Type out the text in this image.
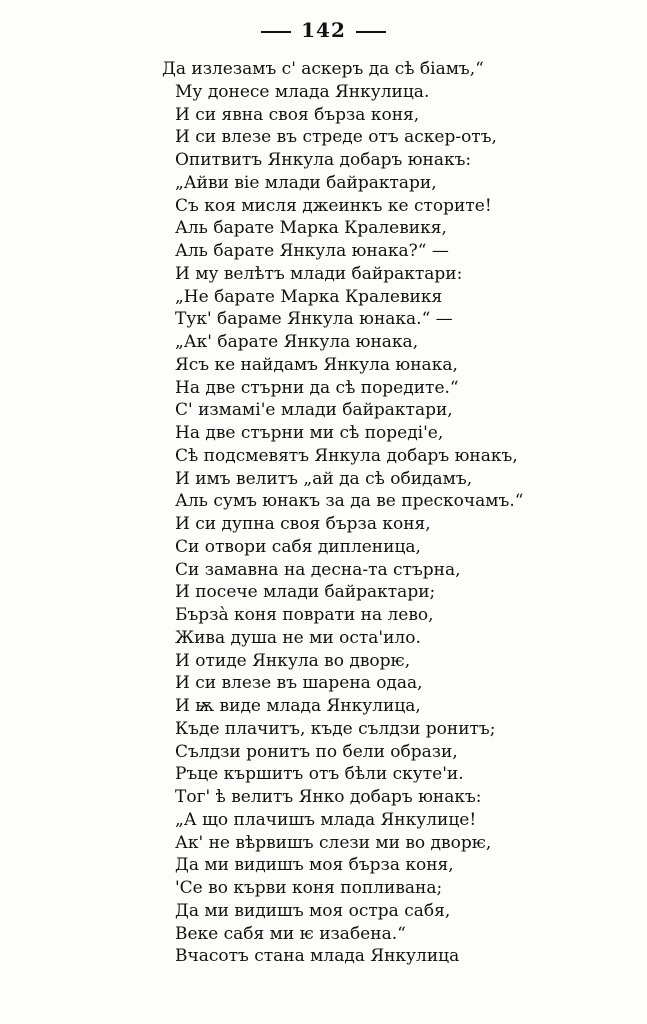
142
Да излезамъ с' аскеръ да сѣ біамъ,“
Му донесе млада Янкулица.
И си явна своя бързa коня,
И си влезе въ стреде отъ аскер-отъ,
Опитвитъ Янкула добаръ юнакъ:
„Айви віе млади байрактари,
Съ коя мисля джеинкъ ке сторите!
Аль барате Марка Кралевикя,
Аль барате Янкула юнака?“ —
И му велѣтъ млади байрактари:
„Не барате Марка Кралевикя
Тук' бараме Янкула юнака.“ —
„Ак' барате Янкула юнака,
Ясъ ке найдамъ Янкула юнака,
На две стърни да сѣ поредите.“
С' измамі'е млади байрактари,
На две стърни ми сѣ пореді'е,
Сѣ подсмевятъ Янкула добаръ юнакъ,
И имъ велитъ „ай да сѣ обидамъ,
Аль сумъ юнакъ за да ве прескочамъ.“
И си дупна своя бързa коня,
Си отвори сабя дипленица,
Си замавна на десна-та стърна,
И посече млади байрактари;
Бързà коня поврати на лево,
Жива душа не ми оста'ило.
И отиде Янкула во дворѥ,
И си влезе въ шарена одаа,
И ѭ виде млада Янкулица,
Къде плачитъ, къде сълдзи ронитъ;
Сълдзи ронитъ по бели образи,
Ръце кършитъ отъ бѣли скуте'и.
Тог' ѣ велитъ Янко добаръ юнакъ:
„А що плачишъ млада Янкулице!
Ак' не вѣрвишъ слези ми во дворѥ,
Да ми видишъ моя бързa коня,
'Се во кърви коня попливана;
Да ми видишъ моя остра сабя,
Веке сабя ми ѥ изабена.“
Вчасотъ стана млада Янкулица
